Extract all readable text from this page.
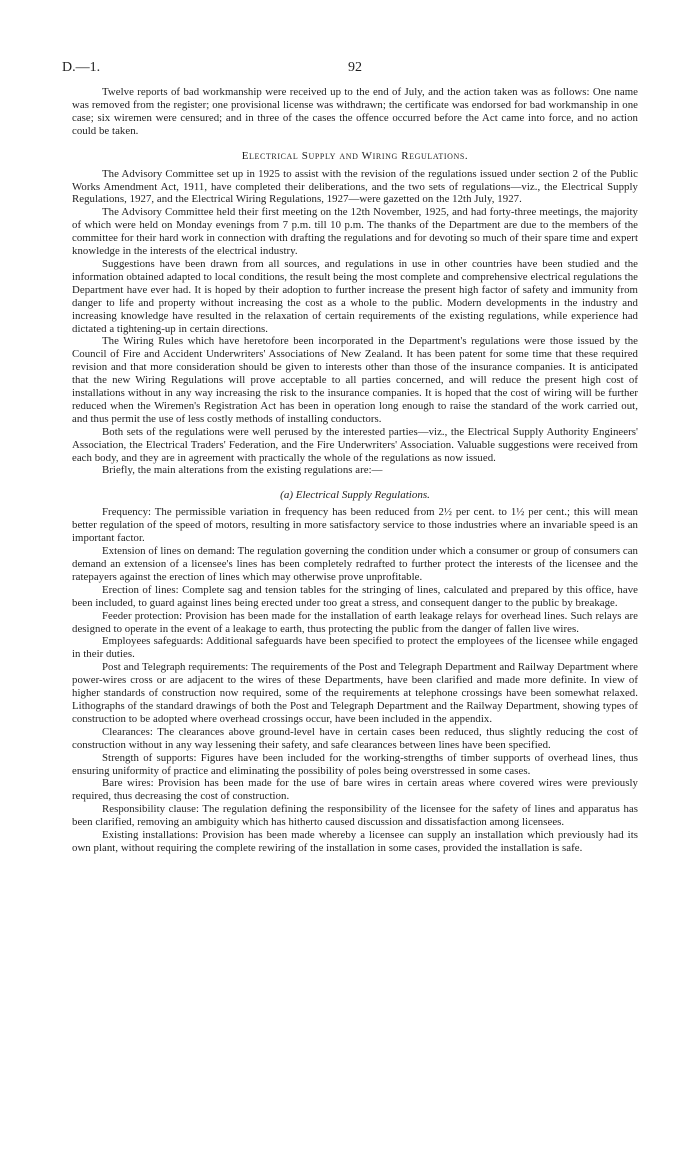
D.—1.	92

Twelve reports of bad workmanship were received up to the end of July, and the action taken was as follows: One name was removed from the register; one provisional license was withdrawn; the certificate was endorsed for bad workmanship in one case; six wiremen were censured; and in three of the cases the offence occurred before the Act came into force, and no action could be taken.

Electrical Supply and Wiring Regulations.

The Advisory Committee set up in 1925 to assist with the revision of the regulations issued under section 2 of the Public Works Amendment Act, 1911, have completed their deliberations, and the two sets of regulations—viz., the Electrical Supply Regulations, 1927, and the Electrical Wiring Regulations, 1927—were gazetted on the 12th July, 1927.

The Advisory Committee held their first meeting on the 12th November, 1925, and had forty-three meetings, the majority of which were held on Monday evenings from 7 p.m. till 10 p.m. The thanks of the Department are due to the members of the committee for their hard work in connection with drafting the regulations and for devoting so much of their spare time and expert knowledge in the interests of the electrical industry.

Suggestions have been drawn from all sources, and regulations in use in other countries have been studied and the information obtained adapted to local conditions, the result being the most complete and comprehensive electrical regulations the Department have ever had. It is hoped by their adoption to further increase the present high factor of safety and immunity from danger to life and property without increasing the cost as a whole to the public. Modern developments in the industry and increasing knowledge have resulted in the relaxation of certain requirements of the existing regulations, while experience had dictated a tightening-up in certain directions.

The Wiring Rules which have heretofore been incorporated in the Department's regulations were those issued by the Council of Fire and Accident Underwriters' Associations of New Zealand. It has been patent for some time that these required revision and that more consideration should be given to interests other than those of the insurance companies. It is anticipated that the new Wiring Regulations will prove acceptable to all parties concerned, and will reduce the present high cost of installations without in any way increasing the risk to the insurance companies. It is hoped that the cost of wiring will be further reduced when the Wiremen's Registration Act has been in operation long enough to raise the standard of the work carried out, and thus permit the use of less costly methods of installing conductors.

Both sets of the regulations were well perused by the interested parties—viz., the Electrical Supply Authority Engineers' Association, the Electrical Traders' Federation, and the Fire Underwriters' Association. Valuable suggestions were received from each body, and they are in agreement with practically the whole of the regulations as now issued.

Briefly, the main alterations from the existing regulations are:—

(a) Electrical Supply Regulations.

Frequency: The permissible variation in frequency has been reduced from 2½ per cent. to 1½ per cent.; this will mean better regulation of the speed of motors, resulting in more satisfactory service to those industries where an invariable speed is an important factor.

Extension of lines on demand: The regulation governing the condition under which a consumer or group of consumers can demand an extension of a licensee's lines has been completely redrafted to further protect the interests of the licensee and the ratepayers against the erection of lines which may otherwise prove unprofitable.

Erection of lines: Complete sag and tension tables for the stringing of lines, calculated and prepared by this office, have been included, to guard against lines being erected under too great a stress, and consequent danger to the public by breakage.

Feeder protection: Provision has been made for the installation of earth leakage relays for overhead lines. Such relays are designed to operate in the event of a leakage to earth, thus protecting the public from the danger of fallen live wires.

Employees safeguards: Additional safeguards have been specified to protect the employees of the licensee while engaged in their duties.

Post and Telegraph requirements: The requirements of the Post and Telegraph Department and Railway Department where power-wires cross or are adjacent to the wires of these Departments, have been clarified and made more definite. In view of higher standards of construction now required, some of the requirements at telephone crossings have been somewhat relaxed. Lithographs of the standard drawings of both the Post and Telegraph Department and the Railway Department, showing types of construction to be adopted where overhead crossings occur, have been included in the appendix.

Clearances: The clearances above ground-level have in certain cases been reduced, thus slightly reducing the cost of construction without in any way lessening their safety, and safe clearances between lines have been specified.

Strength of supports: Figures have been included for the working-strengths of timber supports of overhead lines, thus ensuring uniformity of practice and eliminating the possibility of poles being overstressed in some cases.

Bare wires: Provision has been made for the use of bare wires in certain areas where covered wires were previously required, thus decreasing the cost of construction.

Responsibility clause: The regulation defining the responsibility of the licensee for the safety of lines and apparatus has been clarified, removing an ambiguity which has hitherto caused discussion and dissatisfaction among licensees.

Existing installations: Provision has been made whereby a licensee can supply an installation which previously had its own plant, without requiring the complete rewiring of the installation in some cases, provided the installation is safe.
